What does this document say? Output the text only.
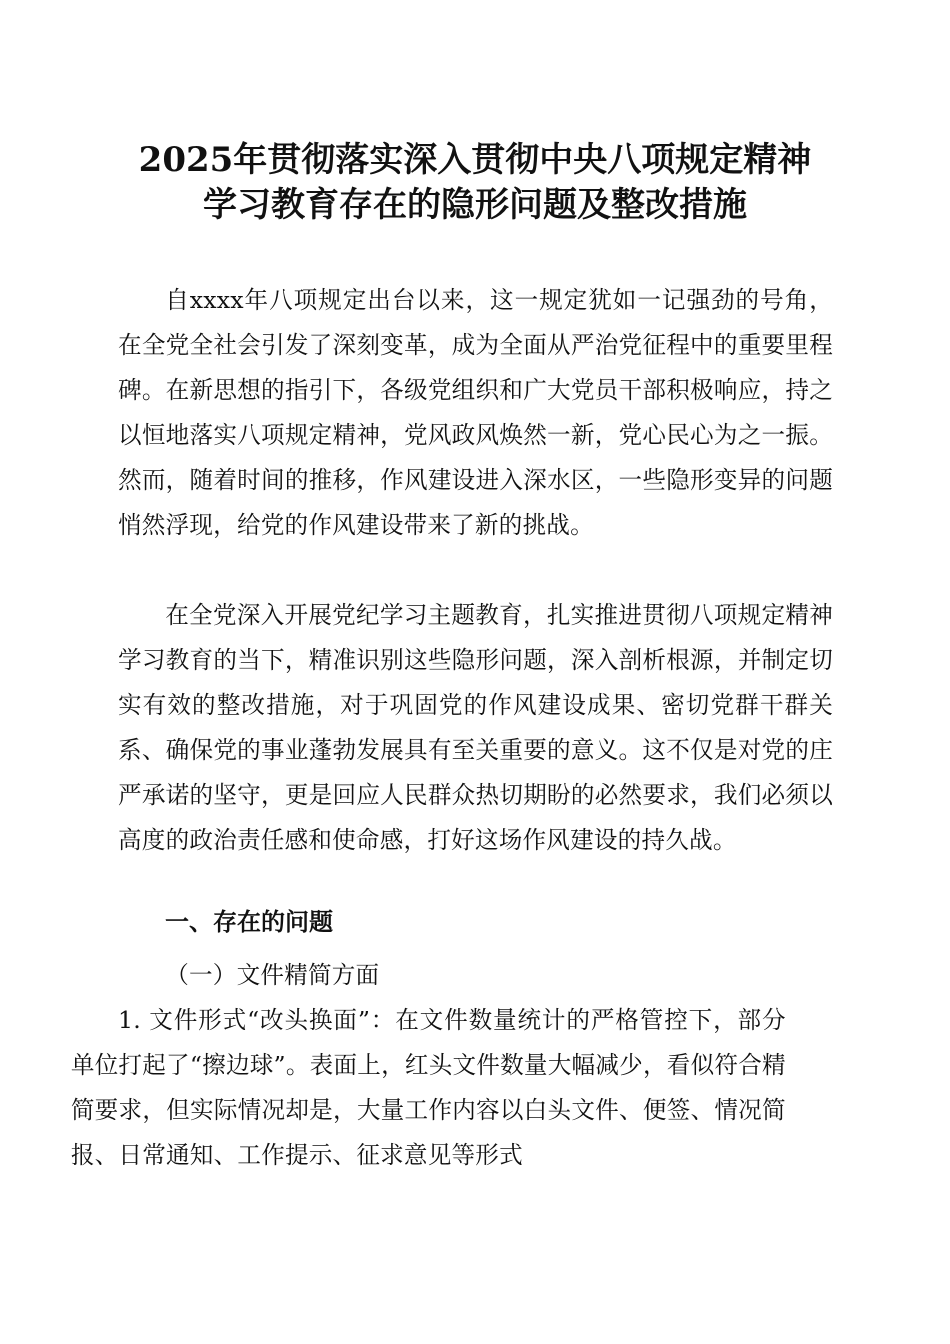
2025年贯彻落实深入贯彻中央八项规定精神
学习教育存在的隐形问题及整改措施

自xxxx年八项规定出台以来，这一规定犹如一记强劲的号角，在全党全社会引发了深刻变革，成为全面从严治党征程中的重要里程碑。在新思想的指引下，各级党组织和广大党员干部积极响应，持之以恒地落实八项规定精神，党风政风焕然一新，党心民心为之一振。然而，随着时间的推移，作风建设进入深水区，一些隐形变异的问题悄然浮现，给党的作风建设带来了新的挑战。

在全党深入开展党纪学习主题教育，扎实推进贯彻八项规定精神学习教育的当下，精准识别这些隐形问题，深入剖析根源，并制定切实有效的整改措施，对于巩固党的作风建设成果、密切党群干群关系、确保党的事业蓬勃发展具有至关重要的意义。这不仅是对党的庄严承诺的坚守，更是回应人民群众热切期盼的必然要求，我们必须以高度的政治责任感和使命感，打好这场作风建设的持久战。

一、存在的问题

（一）文件精简方面
1. 文件形式“改头换面”：在文件数量统计的严格管控下，部分单位打起了“擦边球”。表面上，红头文件数量大幅减少，看似符合精简要求，但实际情况却是，大量工作内容以白头文件、便签、情况简报、日常通知、工作提示、征求意见等形式
